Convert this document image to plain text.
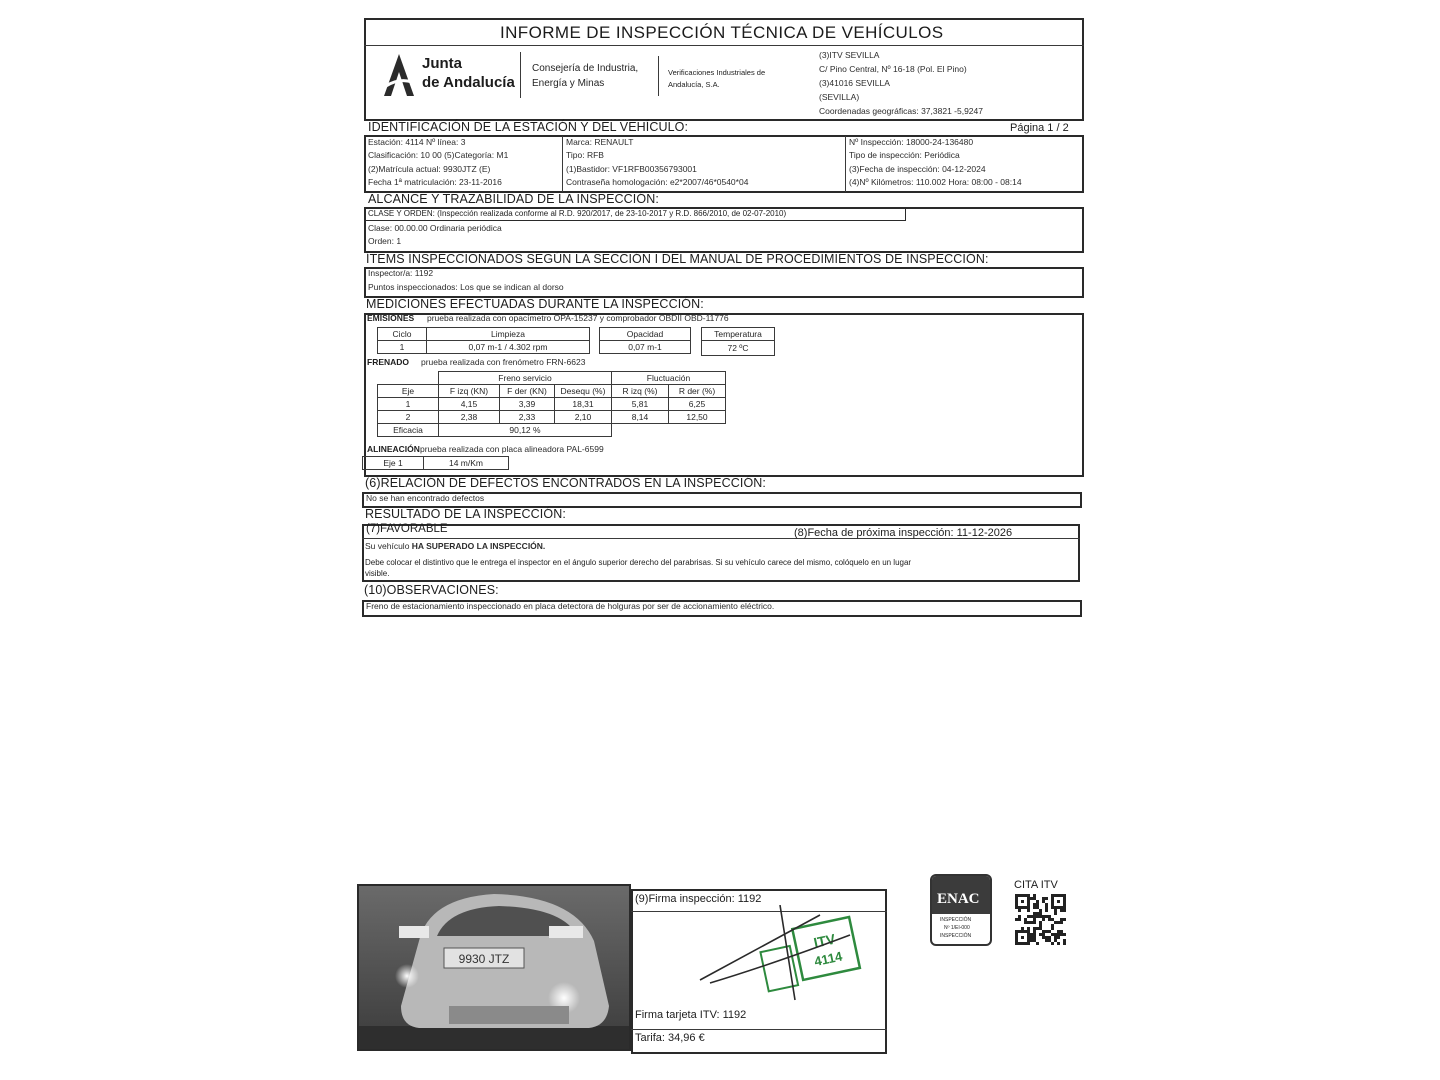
INFORME DE INSPECCIÓN TÉCNICA DE VEHÍCULOS
Junta
de Andalucía
Consejería de Industria,
Energía y Minas
Verificaciones Industriales de
Andalucía, S.A.
(3)ITV SEVILLA
C/ Pino Central, Nº 16-18 (Pol. El Pino)
(3)41016 SEVILLA
(SEVILLA)
Coordenadas geográficas: 37,3821 -5,9247
IDENTIFICACIÓN DE LA ESTACIÓN Y DEL VEHÍCULO:	Página 1 / 2
Estación: 4114 Nº línea: 3
Clasificación: 10 00 (5)Categoría: M1
(2)Matrícula actual: 9930JTZ (E)
Fecha 1ª matriculación: 23-11-2016
Marca: RENAULT
Tipo: RFB
(1)Bastidor: VF1RFB00356793001
Contraseña homologación: e2*2007/46*0540*04
Nº Inspección: 18000-24-136480
Tipo de inspección: Periódica
(3)Fecha de inspección: 04-12-2024
(4)Nº Kilómetros: 110.002 Hora: 08:00 - 08:14
ALCANCE Y TRAZABILIDAD DE LA INSPECCIÓN:
CLASE Y ORDEN: (Inspección realizada conforme al R.D. 920/2017, de 23-10-2017 y R.D. 866/2010, de 02-07-2010)
Clase: 00.00.00 Ordinaria periódica
Orden: 1
ÍTEMS INSPECCIONADOS SEGÚN LA SECCIÓN I DEL MANUAL DE PROCEDIMIENTOS DE INSPECCIÓN:
Inspector/a: 1192
Puntos inspeccionados: Los que se indican al dorso
MEDICIONES EFECTUADAS DURANTE LA INSPECCIÓN:
EMISIONES prueba realizada con opacímetro OPA-15237 y comprobador OBDII OBD-11776
Ciclo	Limpieza
1	0,07 m-1 / 4.302 rpm
Opacidad
0,07 m-1
Temperatura
72 ºC
FRENADO prueba realizada con frenómetro FRN-6623
	Freno servicio			Fluctuación	
Eje	F izq (KN)	F der (KN)	Desequ (%)	R izq (%)	R der (%)
1	4,15	3,39	18,31	5,81	6,25
2	2,38	2,33	2,10	8,14	12,50
Eficacia	90,12 %				
ALINEACIÓN prueba realizada con placa alineadora PAL-6599
Eje 1	14 m/Km
(6)RELACIÓN DE DEFECTOS ENCONTRADOS EN LA INSPECCIÓN:
No se han encontrado defectos
RESULTADO DE LA INSPECCIÓN:
(7)FAVORABLE	(8)Fecha de próxima inspección: 11-12-2026
Su vehículo HA SUPERADO LA INSPECCIÓN.
Debe colocar el distintivo que le entrega el inspector en el ángulo superior derecho del parabrisas. Si su vehículo carece del mismo, colóquelo en un lugar
visible.
(10)OBSERVACIONES:
Freno de estacionamiento inspeccionado en placa detectora de holguras por ser de accionamiento eléctrico.
9930 JTZ
(9)Firma inspección: 1192
ITV
4114
Firma tarjeta ITV: 1192
Tarifa: 34,96 €
ENAC
INSPECCIÓN
Nº 1/EI-000
INSPECCIÓN
CITA ITV
